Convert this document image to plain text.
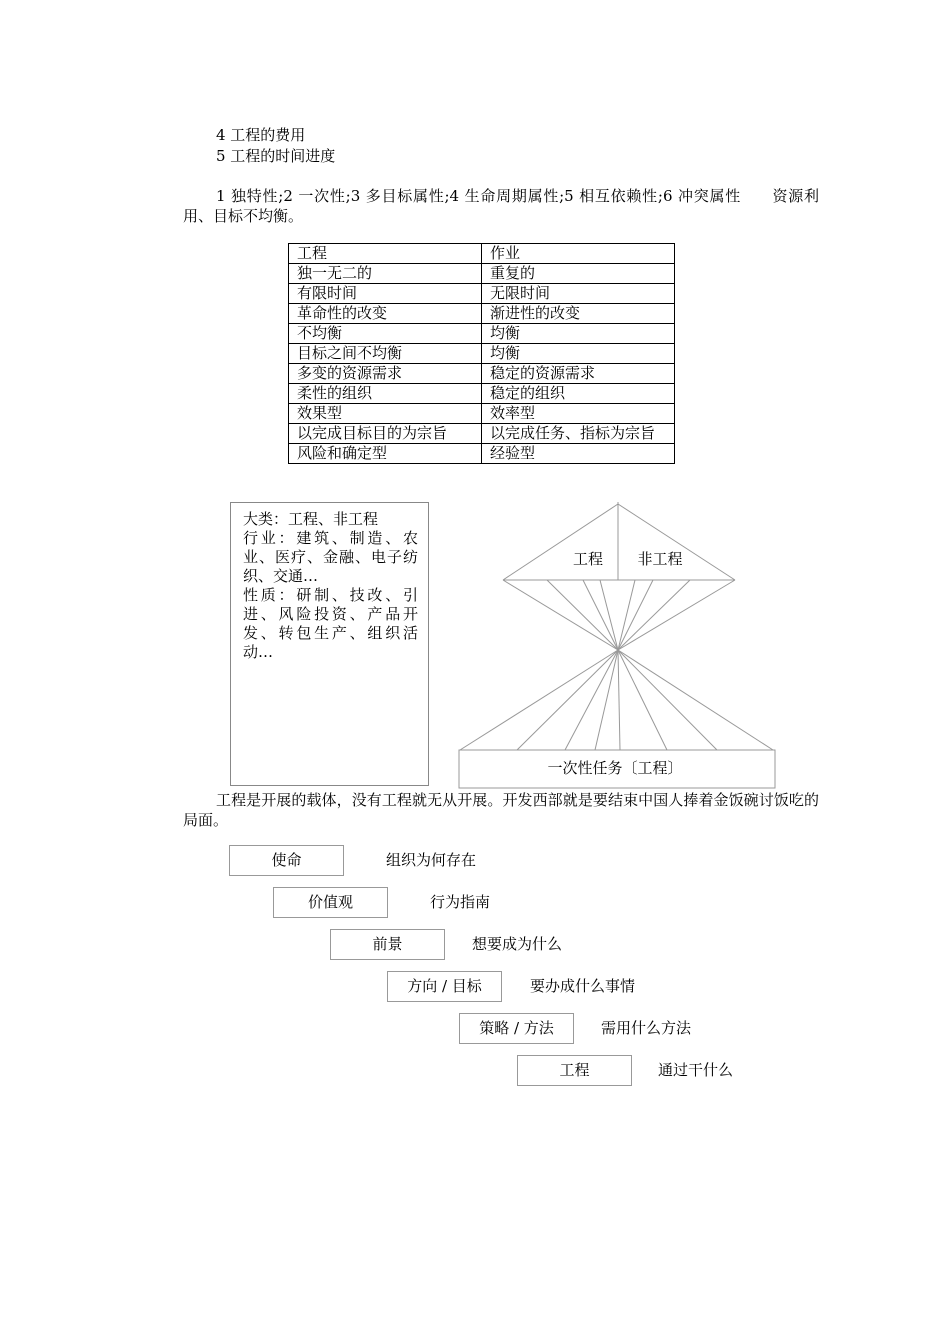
4 工程的费用
5 工程的时间进度
1 独特性;2 一次性;3 多目标属性;4 生命周期属性;5 相互依赖性;6 冲突属性　　资源利用、目标不均衡。
工程	作业
独一无二的	重复的
有限时间	无限时间
革命性的改变	渐进性的改变
不均衡	均衡
目标之间不均衡	均衡
多变的资源需求	稳定的资源需求
柔性的组织	稳定的组织
效果型	效率型
以完成目标目的为宗旨	以完成任务、指标为宗旨
风险和确定型	经验型
大类：工程、非工程
行业：建筑、制造、农业、医疗、金融、电子纺织、交通…
性质：研制、技改、引进、风险投资、产品开发、转包生产、组织活动…
工程 非工程
一次性任务〔工程〕
工程是开展的载体，没有工程就无从开展。开发西部就是要结束中国人捧着金饭碗讨饭吃的局面。
使命	组织为何存在
价值观	行为指南
前景	想要成为什么
方向 / 目标	要办成什么事情
策略 / 方法	需用什么方法
工程	通过干什么
